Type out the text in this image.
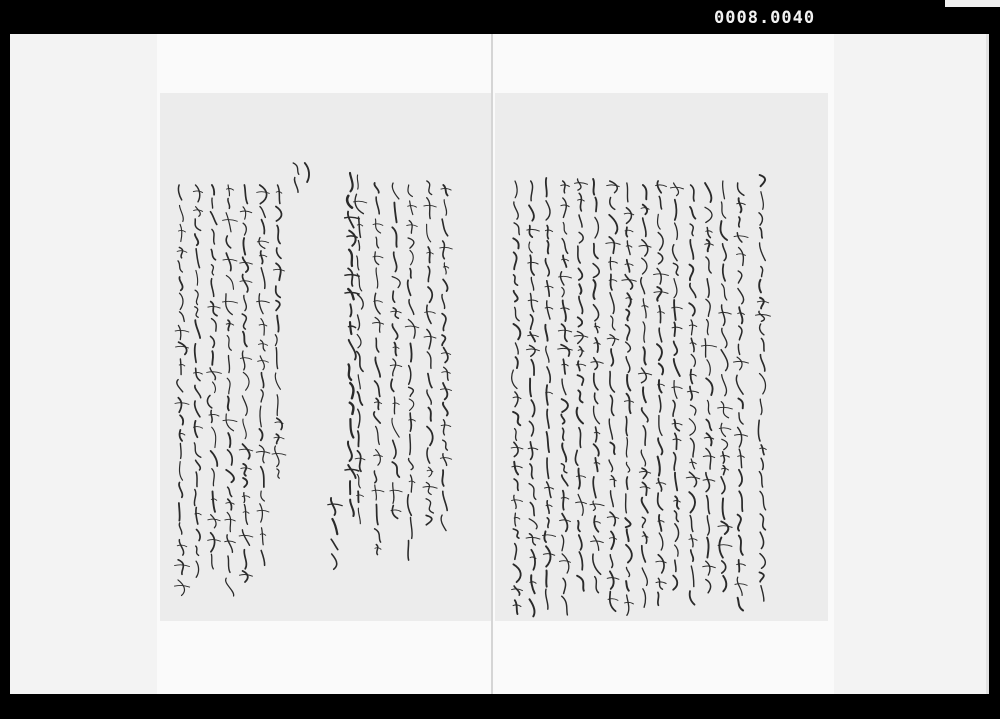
0008.0040
